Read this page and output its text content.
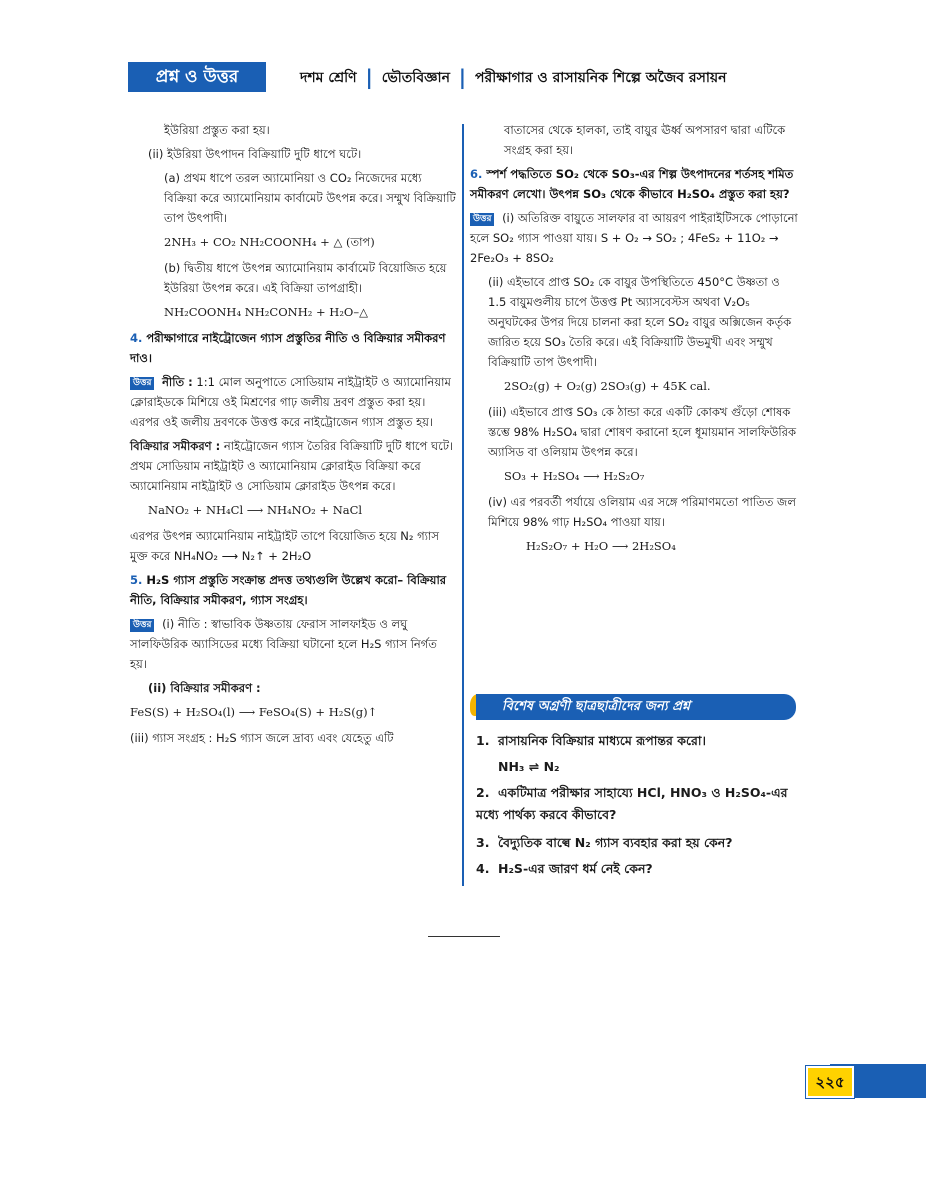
প্রশ্ন ও উত্তর	দশম শ্রেণি | ভৌতবিজ্ঞান | পরীক্ষাগার ও রাসায়নিক শিল্পে অজৈব রসায়ন

ইউরিয়া প্রস্তুত করা হয়।

(ii) ইউরিয়া উৎপাদন বিক্রিয়াটি দুটি ধাপে ঘটে।

(a) প্রথম ধাপে তরল অ্যামোনিয়া ও CO₂ নিজেদের মধ্যে বিক্রিয়া করে অ্যামোনিয়াম কার্বামেট উৎপন্ন করে। সম্মুখ বিক্রিয়াটি তাপ উৎপাদী।

2NH₃ + CO₂ NH₂COONH₄ + △ (তাপ)

(b) দ্বিতীয় ধাপে উৎপন্ন অ্যামোনিয়াম কার্বামেট বিয়োজিত হয়ে ইউরিয়া উৎপন্ন করে। এই বিক্রিয়া তাপগ্রাহী।

NH₂COONH₄ NH₂CONH₂ + H₂O–△

4. পরীক্ষাগারে নাইট্রোজেন গ্যাস প্রস্তুতির নীতি ও বিক্রিয়ার সমীকরণ দাও।

উত্তর নীতি : 1:1 মোল অনুপাতে সোডিয়াম নাইট্রাইট ও অ্যামোনিয়াম ক্লোরাইডকে মিশিয়ে ওই মিশ্রণের গাঢ় জলীয় দ্রবণ প্রস্তুত করা হয়। এরপর ওই জলীয় দ্রবণকে উত্তপ্ত করে নাইট্রোজেন গ্যাস প্রস্তুত হয়।

বিক্রিয়ার সমীকরণ : নাইট্রোজেন গ্যাস তৈরির বিক্রিয়াটি দুটি ধাপে ঘটে। প্রথম সোডিয়াম নাইট্রাইট ও অ্যামোনিয়াম ক্লোরাইড বিক্রিয়া করে অ্যামোনিয়াম নাইট্রাইট ও সোডিয়াম ক্লোরাইড উৎপন্ন করে।

NaNO₂ + NH₄Cl ⟶ NH₄NO₂ + NaCl

এরপর উৎপন্ন অ্যামোনিয়াম নাইট্রাইট তাপে বিয়োজিত হয়ে N₂ গ্যাস মুক্ত করে NH₄NO₂ ⟶ N₂↑ + 2H₂O

5. H₂S গ্যাস প্রস্তুতি সংক্রান্ত প্রদত্ত তথ্যগুলি উল্লেখ করো– বিক্রিয়ার নীতি, বিক্রিয়ার সমীকরণ, গ্যাস সংগ্রহ।

উত্তর (i) নীতি : স্বাভাবিক উষ্ণতায় ফেরাস সালফাইড ও লঘু সালফিউরিক অ্যাসিডের মধ্যে বিক্রিয়া ঘটানো হলে H₂S গ্যাস নির্গত হয়।

(ii) বিক্রিয়ার সমীকরণ :

FeS(S) + H₂SO₄(l) ⟶ FeSO₄(S) + H₂S(g)↑

(iii) গ্যাস সংগ্রহ : H₂S গ্যাস জলে দ্রাব্য এবং যেহেতু এটি

বাতাসের থেকে হালকা, তাই বায়ুর ঊর্ধ্ব অপসারণ দ্বারা এটিকে সংগ্রহ করা হয়।

6. স্পর্শ পদ্ধতিতে SO₂ থেকে SO₃-এর শিল্প উৎপাদনের শর্তসহ শমিত সমীকরণ লেখো। উৎপন্ন SO₃ থেকে কীভাবে H₂SO₄ প্রস্তুত করা হয়?

উত্তর (i) অতিরিক্ত বায়ুতে সালফার বা আয়রণ পাইরাইটিসকে পোড়ানো হলে SO₂ গ্যাস পাওয়া যায়। S + O₂ → SO₂ ; 4FeS₂ + 11O₂ → 2Fe₂O₃ + 8SO₂

(ii) এইভাবে প্রাপ্ত SO₂ কে বায়ুর উপস্থিতিতে 450°C উষ্ণতা ও 1.5 বায়ুমণ্ডলীয় চাপে উত্তপ্ত Pt অ্যাসবেস্টস অথবা V₂O₅ অনুঘটকের উপর দিয়ে চালনা করা হলে SO₂ বায়ুর অক্সিজেন কর্তৃক জারিত হয়ে SO₃ তৈরি করে। এই বিক্রিয়াটি উভমুখী এবং সম্মুখ বিক্রিয়াটি তাপ উৎপাদী।

2SO₂(g) + O₂(g) 2SO₃(g) + 45K cal.

(iii) এইভাবে প্রাপ্ত SO₃ কে ঠান্ডা করে একটি কোকখ গুঁড়ো শোষক স্তম্ভে 98% H₂SO₄ দ্বারা শোষণ করানো হলে ধূমায়মান সালফিউরিক অ্যাসিড বা ওলিয়াম উৎপন্ন করে।

SO₃ + H₂SO₄ ⟶ H₂S₂O₇

(iv) এর পরবর্তী পর্যায়ে ওলিয়াম এর সঙ্গে পরিমাণমতো পাতিত জল মিশিয়ে 98% গাঢ় H₂SO₄ পাওয়া যায়।

H₂S₂O₇ + H₂O ⟶ 2H₂SO₄

বিশেষ অগ্রণী ছাত্রছাত্রীদের জন্য প্রশ্ন
1. রাসায়নিক বিক্রিয়ার মাধ্যমে রূপান্তর করো।
NH₃ ⇌ N₂
2. একটিমাত্র পরীক্ষার সাহায্যে HCl, HNO₃ ও H₂SO₄-এর মধ্যে পার্থক্য করবে কীভাবে?
3. বৈদ্যুতিক বাল্বে N₂ গ্যাস ব্যবহার করা হয় কেন?
4. H₂S-এর জারণ ধর্ম নেই কেন?
২২৫
